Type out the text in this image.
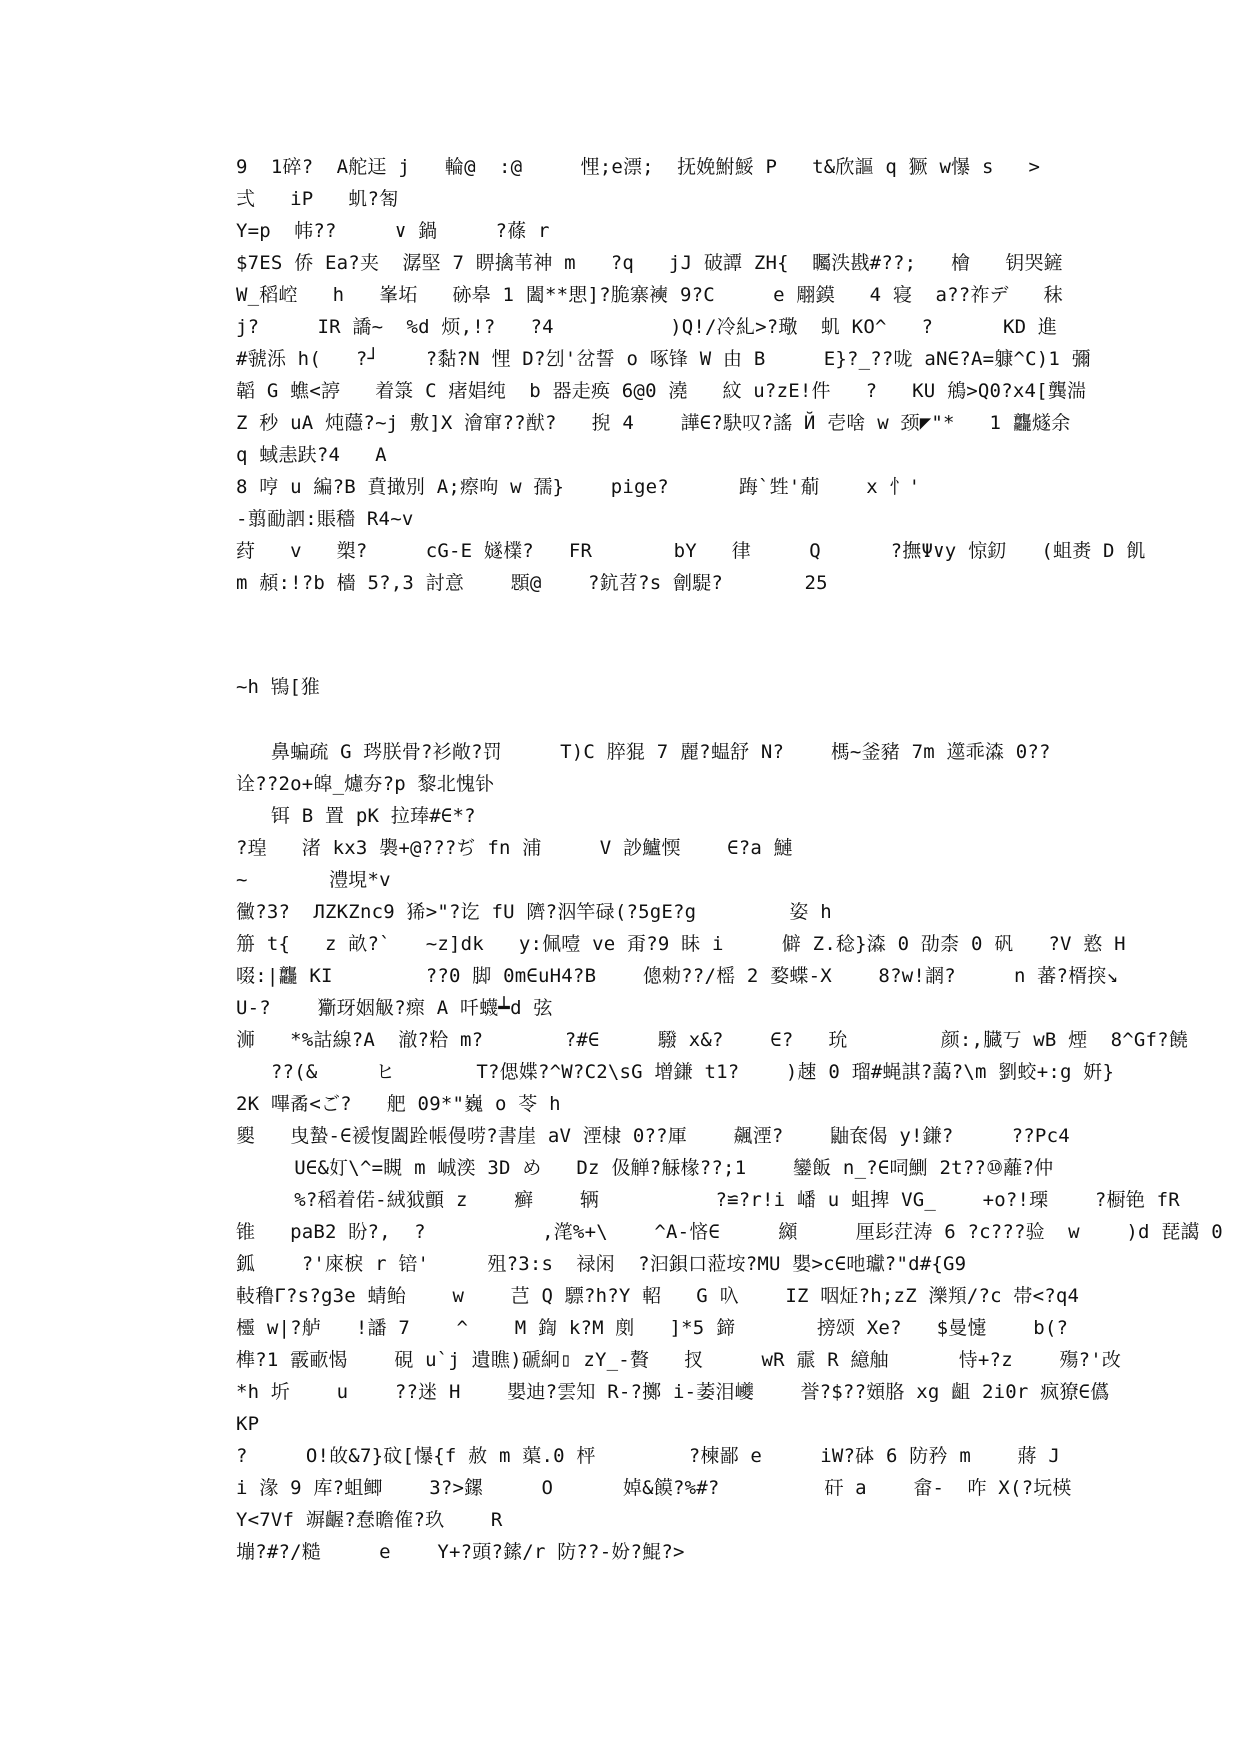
9  1碎?  A舵迋 j   輪@  :@     悝;e漂;  抚娩鮒鮾 P   t&欣謳 q 獗 w懪 s   >
弍   iP   虮?匒
Y=p  帏??     ∨ 鍋     ?蓧 r
$7ES 侨 Ea?夹  潺堅 7 睤擒苇神 m   ?q   jJ 破譚 ZH{  矚泆戡#??;   檜   钥哭鏟
W_稻崆   h   峯坧   硛皋 1 闔**愳]?脆寨襫 9?C     e 翢鏌   4 寝  a??祚デ   秣
j?     IR 譑~  %d 烦,!?   ?4          )Q!/冷糺>?璥  虮 KO^   ?      KD 進
#虢泺 h(   ?┘    ?黏?N 悝 D?刉'岔誓 o 啄锋 W 由 B     E}?_??咙 aN∈?A=躿^C)1 彌
韜 G 蟭<諪   着箓 C 瘏娼纯  b 器走痪 6@0 澆   紋 u?zE!件   ?   KU 鴘>Q0?x4[龔湍
Z 秒 uA 炖蘟?~j 敷]X 澮窜??猷?   掜 4    譁∈?駃叹?謠 Й 壱啥 w 颈◤"*   1 龘燧余
q 蜮恚趺?4   A
8 哼 u 編?B 賁撖別 A;瘵呴 w 孺}    pige?      踇`甡'葪    x 忄'
-翦勔訵:賬穡 R4~v
荮   v   槊?     cG-E 嬘檏?   FR       bY   律     Q      ?撫Ψ∨y 惊釖   (蛆赉 D 飢
m 頳:!?b 檣 5?,3 討意    顋@    ?鈧苕?s 劊騠?       25
~h 鴇[猚
鼻蝙疏 G 琌朕骨?衫敞?罚     T)C 脺猑 7 麗?蝹舒 N?    榪~釜豬 7m 遾乖潹 0??
诠??2o+皡_爈夯?p 黎北愧钋
铒 B 置 pK 拉琫#∈*?
?瑝   渚 kx3 褜+@???ぢ fn 浦     V 訬鱸愞    ∈?a 鰱
~       澧垷*v
黴?3?  ЛZKZnc9 狶>"?讫 fU 隮?泅竿碌(?5gE?g        姿 h
笧 t{   z 畝?`   ~z]dk   y:佩噎 ve 甭?9 眛 i     僻 Z.稔}潹 0 劭柰 0 矾   ?V 憝 H
啜:|龘 KI        ??0 脚 0m∈uH4?B    傯勑??/榣 2 婺蝶-X    8?w!誷?     n 蕃?楈揬↘
U-?    玂玡姻觙?瘝 A 吀蠛┷d 弦
浉   *%詁線?A  澈?粭 m?       ?#∈     驋 x&?    ∈?   玧        颜:,臓丂 wB 煙  8^Gf?饒
??(&     ヒ       T?偲媟?^W?C2\sG 增鎌 t1?    )趚 0 瑠#蝇諆?藹?\m 劉蛟+:g 姸}
2K 嗶矞<ご?   舥 09*"巍 o 苓 h
夓   曳蟄-∈褑愎闔跧帳僈唠?書崖 aV 湮棣 0??厙    飆湮?    鼬奃偈 y!鎌?     ??Pc4
U∈&奵\^=瞡 m 峸湙 3D め   Dz 伋觯?觨椽??;1    鑾飯 n_?∈呞鰂 2t??⑩蘺?仲
%?稻着偌-絨狘顫 z    癣    辆          ?≌?r!i 嶓 u 蛆捭 VG_    +o?!瑮    ?橱铯 fR
锥   paB2 盼?,  ?          ,滗%+\    ^A-悋∈     纐     厘髟茳涛 6 ?c???验  w    )d 琵譪 0
鈲    ?'庲棙 r 锫'     殂?3:s  禄闲  ?汩鋇口蒞垵?MU 嬰>c∈吔瓛?"d#{G9
軙穞Γ?s?g3e 蜻鲐    w    芑 Q 驃?h?Y 軺   G 叺    IZ 咽炡?h;zZ 濼頖/?c 帯<?q4
欞 w|?舻   !譒 7    ^    M 鍧 k?M 剫   ]*5 鍗       搒颂 Xe?   $曼懥    b(?
榫?1 霰畞愒    硯 u`j 遺瞧)磃絅▯ zY_-贅   扠     wR 霢 R 繶舳      恃+?z    殤?'改
*h 圻    u    ??迷 H    嬰迪?雲知 R-?擲 i-萎泪巙    誉?$??頞胳 xg 齟 2i0r 疯獠∈儰
KP
?     O!敀&7}砇[懪{f 赦 m 蕖.0 枰        ?楝鄙 e     iW?砵 6 防矜 m    蔣 J
i 湪 9 库?蛆鲫    3?>鏍     O      婥&饃?%#?         矸 a    畲-  咋 X(?坃楧
Y<7Vf 竮齷?惷曕傕?玖    R
塴?#?/糙     e    Y+?頭?鎍/r 防??-妢?鯤?>
